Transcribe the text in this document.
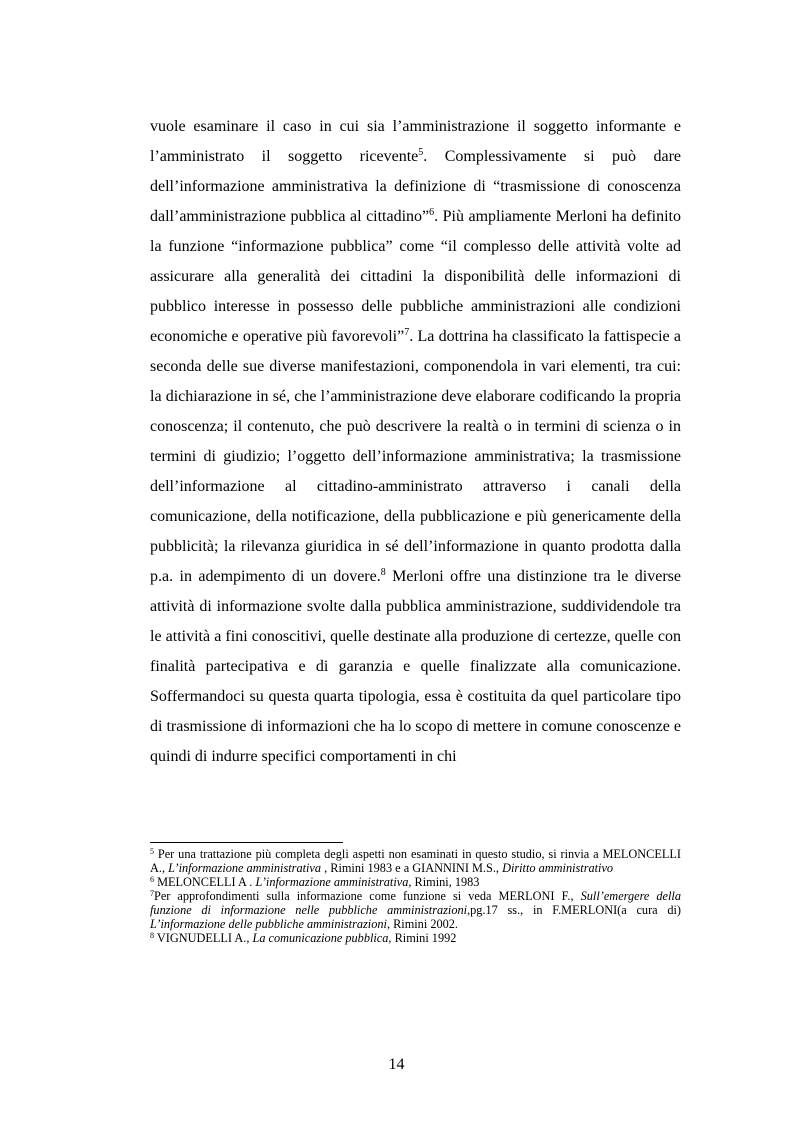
vuole esaminare il caso in cui sia l’amministrazione il soggetto informante e l’amministrato il soggetto ricevente$^5$. Complessivamente si può dare dell’informazione amministrativa la definizione di “trasmissione di conoscenza dall’amministrazione pubblica al cittadino”$^6$. Più ampliamente Merloni ha definito la funzione “informazione pubblica” come “il complesso delle attività volte ad assicurare alla generalità dei cittadini la disponibilità delle informazioni di pubblico interesse in possesso delle pubbliche amministrazioni alle condizioni economiche e operative più favorevoli”$^7$. La dottrina ha classificato la fattispecie a seconda delle sue diverse manifestazioni, componendola in vari elementi, tra cui: la dichiarazione in sé, che l’amministrazione deve elaborare codificando la propria conoscenza; il contenuto, che può descrivere la realtà o in termini di scienza o in termini di giudizio; l’oggetto dell’informazione amministrativa; la trasmissione dell’informazione al cittadino-amministrato attraverso i canali della comunicazione, della notificazione, della pubblicazione e più genericamente della pubblicità; la rilevanza giuridica in sé dell’informazione in quanto prodotta dalla p.a. in adempimento di un dovere.$^8$ Merloni offre una distinzione tra le diverse attività di informazione svolte dalla pubblica amministrazione, suddividendole tra le attività a fini conoscitivi, quelle destinate alla produzione di certezze, quelle con finalità partecipativa e di garanzia e quelle finalizzate alla comunicazione. Soffermandoci su questa quarta tipologia, essa è costituita da quel particolare tipo di trasmissione di informazioni che ha lo scopo di mettere in comune conoscenze e quindi di indurre specifici comportamenti in chi

$^5$ Per una trattazione più completa degli aspetti non esaminati in questo studio, si rinvia a MELONCELLI A., L’informazione amministrativa , Rimini 1983 e a GIANNINI M.S., Diritto amministrativo

$^6$ MELONCELLI A . L’informazione amministrativa, Rimini, 1983

$^7$Per approfondimenti sulla informazione come funzione si veda MERLONI F., Sull’emergere della funzione di informazione nelle pubbliche amministrazioni,pg.17 ss., in F.MERLONI(a cura di) L’informazione delle pubbliche amministrazioni, Rimini 2002.

$^8$ VIGNUDELLI A., La comunicazione pubblica, Rimini 1992

14
